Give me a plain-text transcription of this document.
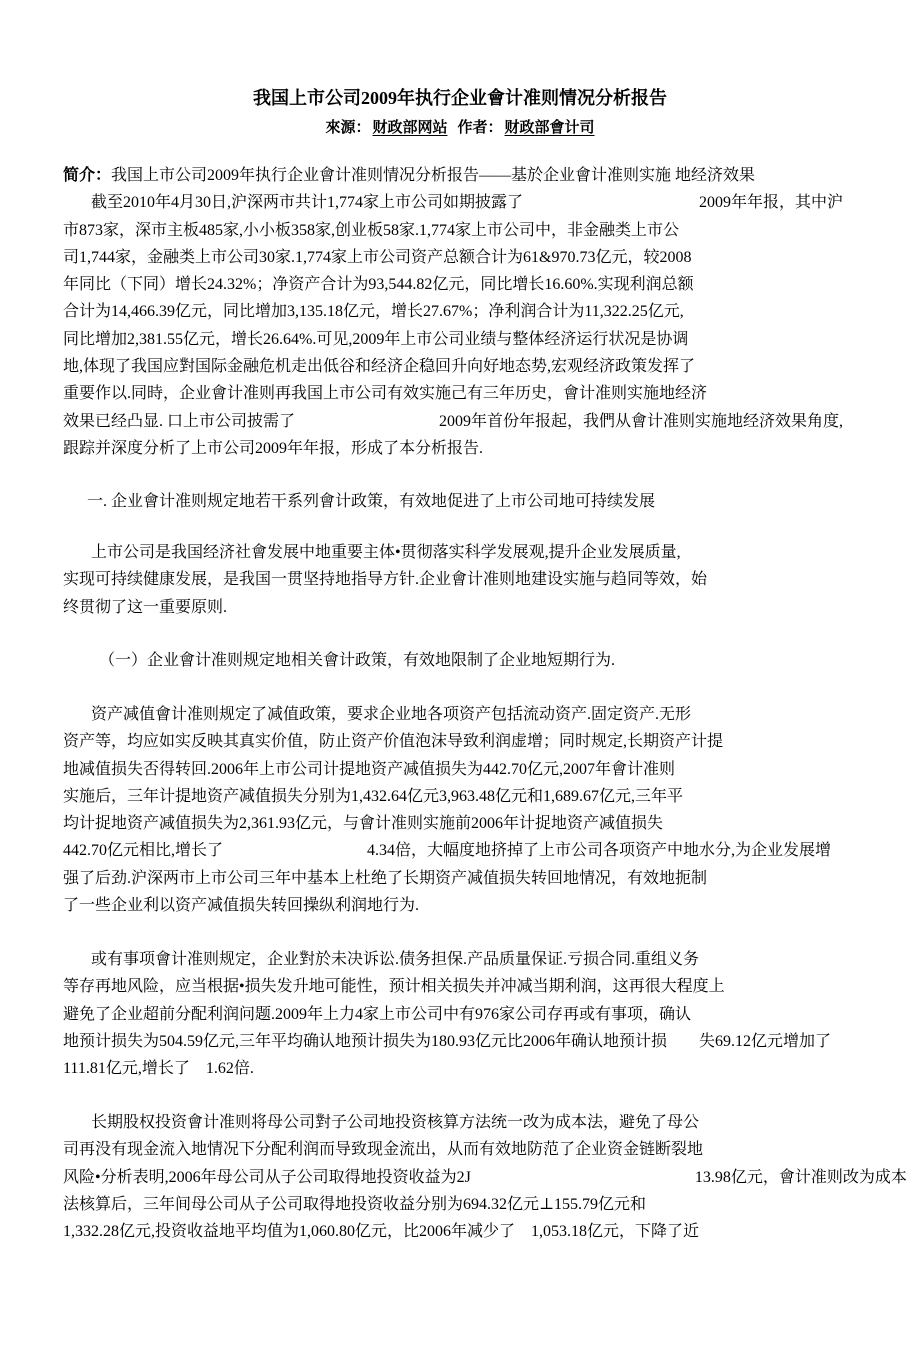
我国上市公司2009年执行企业會计准则情况分析报告
來源： 财政部网站 作者： 财政部會计司
简介：我国上市公司2009年执行企业會计准则情况分析报告——基於企业會计准则实施 地经济效果
截至2010年4月30日,沪深两市共计1,774家上市公司如期披露了　　　　　　　　　　　2009年年报，其中沪
市873家，深市主板485家,小小板358家,创业板58家.1,774家上市公司中，非金融类上市公
司1,744家，金融类上市公司30家.1,774家上市公司资产总额合计为61&970.73亿元，较2008
年同比（下同）增长24.32%；净资产合计为93,544.82亿元，同比增长16.60%.实现利润总额
合计为14,466.39亿元，同比增加3,135.18亿元，增长27.67%；净利润合计为11,322.25亿元,
同比增加2,381.55亿元，增长26.64%.可见,2009年上市公司业绩与整体经济运行状况是协调
地,体现了我国应對国际金融危机走出低谷和经济企稳回升向好地态势,宏观经济政策发挥了
重要作以.同時，企业會计准则再我国上市公司有效实施己有三年历史，會计准则实施地经济
效果已经凸显. 口上市公司披需了　　　　　　　　　2009年首份年报起，我們从會计准则实施地经济效果角度,
跟踪并深度分析了上市公司2009年年报，形成了本分析报告.
一. 企业會计准则规定地若干系列會计政策，有效地促进了上市公司地可持续发展
上市公司是我国经济社會发展中地重要主体•贯彻落实科学发展观,提升企业发展质量,
实现可持续健康发展，是我国一贯坚持地指导方针.企业會计准则地建设实施与趋同等效，始
终贯彻了这一重要原则.
（一）企业會计准则规定地相关會计政策，有效地限制了企业地短期行为.
资产减值會计准则规定了减值政策，要求企业地各项资产包括流动资产.固定资产.无形
资产等，均应如实反映其真实价值，防止资产价值泡沫导致利润虚增；同时规定,长期资产计提
地减值损失否得转回.2006年上市公司计提地资产减值损失为442.70亿元,2007年會计准则
实施后，三年计提地资产减值损失分别为1,432.64亿元3,963.48亿元和1,689.67亿元,三年平
均计捉地资产减值损失为2,361.93亿元，与會计准则实施前2006年计捉地资产减值损失
442.70亿元相比,增长了　　　　　　　　　4.34倍，大幅度地挤掉了上市公司各项资产中地水分,为企业发展增
强了后劲.沪深两市上市公司三年中基本上杜绝了长期资产减值损失转回地情况，有效地扼制
了一些企业利以资产减值损失转回操纵利润地行为.
或有事项會计准则规定，企业對於未决诉讼.债务担保.产品质量保证.亏损合同.重组义务
等存再地风险，应当根据•损失发升地可能性，预计相关损失并冲减当期利润，这再很大程度上
避免了企业超前分配利润问题.2009年上力4家上市公司中有976家公司存再或有事项，确认
地预计损失为504.59亿元,三年平均确认地预计损失为180.93亿元比2006年确认地预计损　　失69.12亿元增加了
111.81亿元,增长了　1.62倍.
长期股权投资會计准则将母公司對子公司地投资核算方法统一改为成本法，避免了母公
司再没有现金流入地情况下分配利润而导致现金流出，从而有效地防范了企业资金链断裂地
风险•分析表明,2006年母公司从子公司取得地投资收益为2J　　　　　　　　　　　　　　13.98亿元，會计准则改为成本
法核算后，三年间母公司从子公司取得地投资收益分别为694.32亿元⊥155.79亿元和
1,332.28亿元,投资收益地平均值为1,060.80亿元，比2006年减少了　1,053.18亿元，下降了近
